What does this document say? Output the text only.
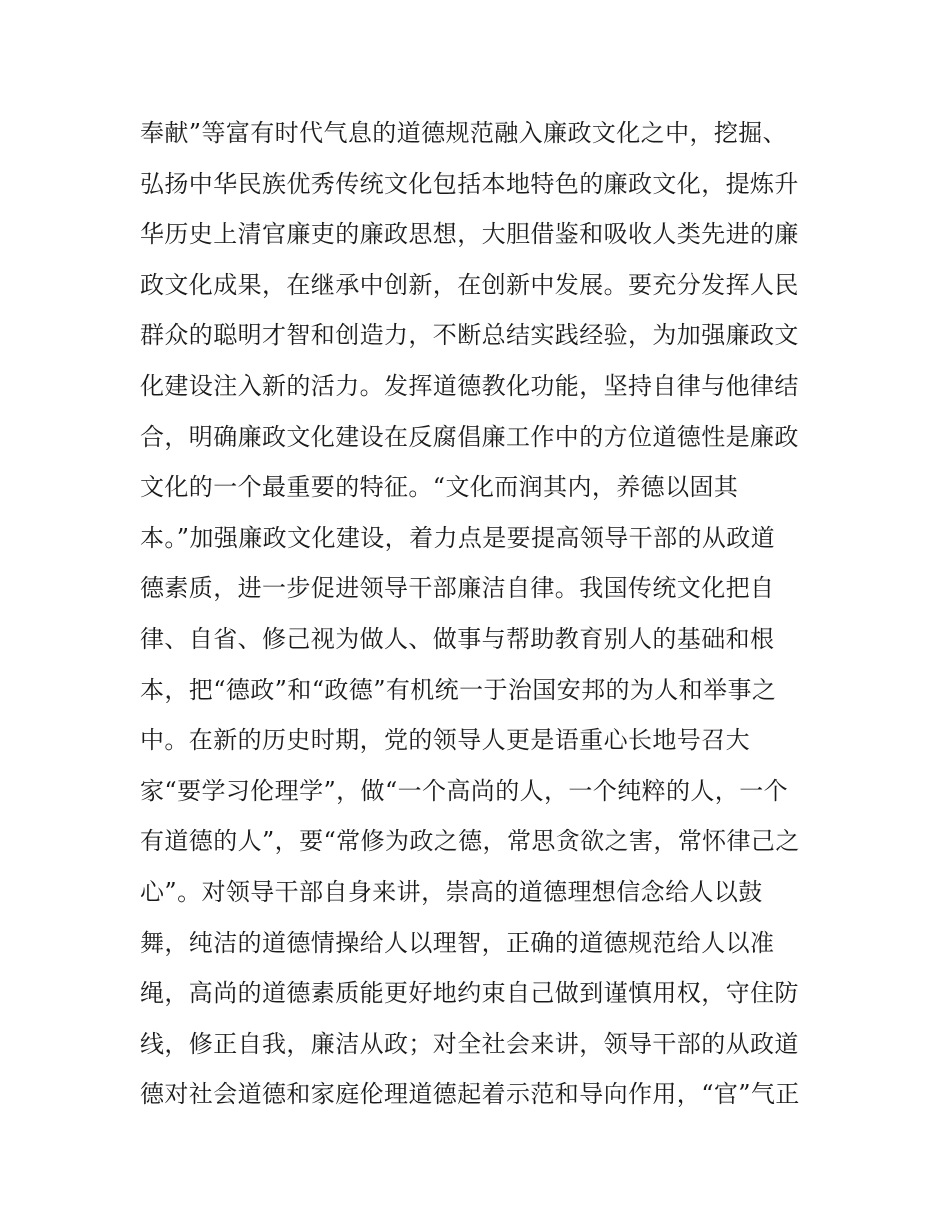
奉献”等富有时代气息的道德规范融入廉政文化之中，挖掘、
弘扬中华民族优秀传统文化包括本地特色的廉政文化，提炼升
华历史上清官廉吏的廉政思想，大胆借鉴和吸收人类先进的廉
政文化成果，在继承中创新，在创新中发展。要充分发挥人民
群众的聪明才智和创造力，不断总结实践经验，为加强廉政文
化建设注入新的活力。发挥道德教化功能，坚持自律与他律结
合，明确廉政文化建设在反腐倡廉工作中的方位道德性是廉政
文化的一个最重要的特征。“文化而润其内，养德以固其
本。”加强廉政文化建设，着力点是要提高领导干部的从政道
德素质，进一步促进领导干部廉洁自律。我国传统文化把自
律、自省、修己视为做人、做事与帮助教育别人的基础和根
本，把“德政”和“政德”有机统一于治国安邦的为人和举事之
中。在新的历史时期，党的领导人更是语重心长地号召大
家“要学习伦理学”，做“一个高尚的人，一个纯粹的人，一个
有道德的人”，要“常修为政之德，常思贪欲之害，常怀律己之
心”。对领导干部自身来讲，崇高的道德理想信念给人以鼓
舞，纯洁的道德情操给人以理智，正确的道德规范给人以准
绳，高尚的道德素质能更好地约束自己做到谨慎用权，守住防
线，修正自我，廉洁从政；对全社会来讲，领导干部的从政道
德对社会道德和家庭伦理道德起着示范和导向作用，“官”气正
